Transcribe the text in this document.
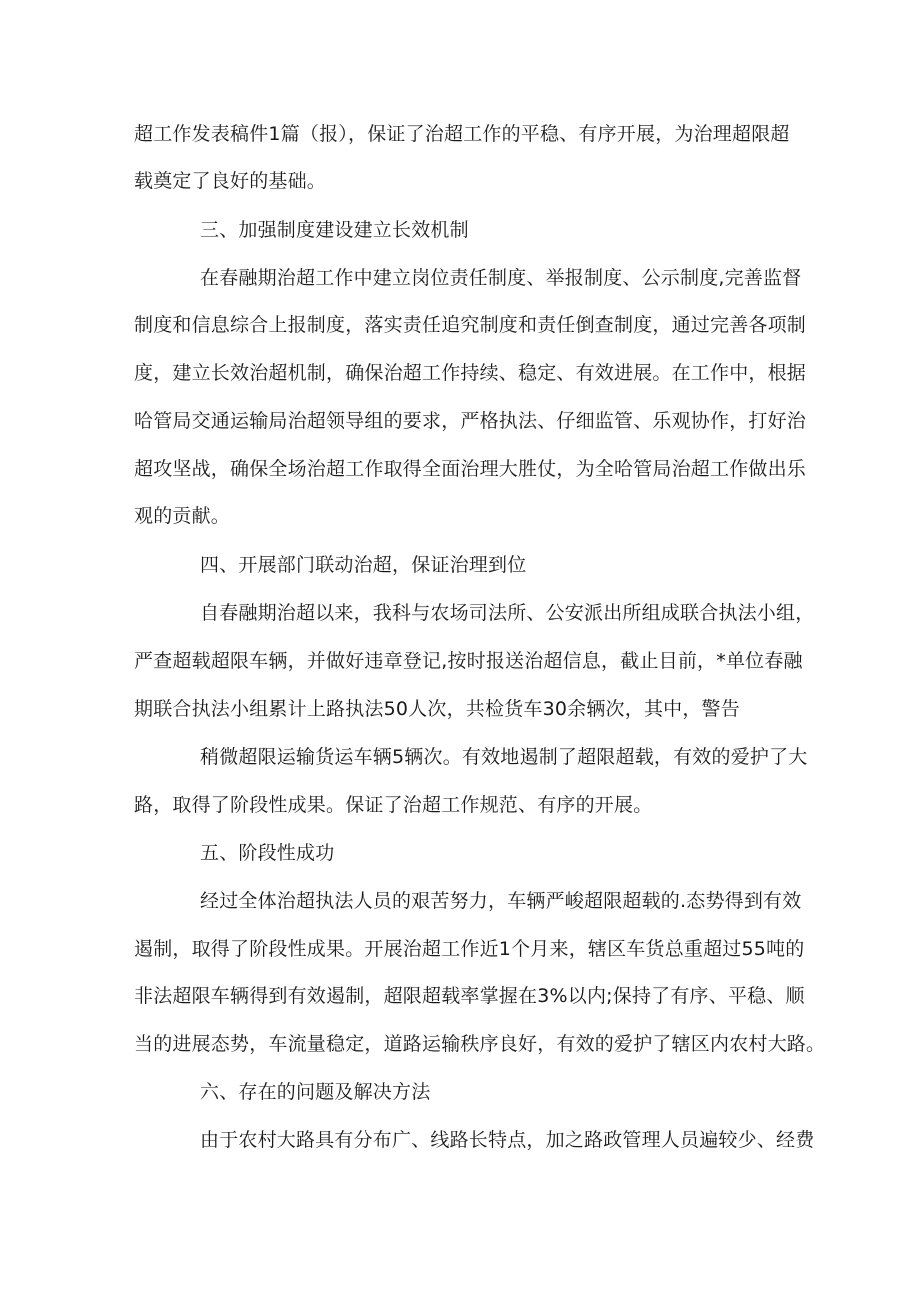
超工作发表稿件1篇（报），保证了治超工作的平稳、有序开展，为治理超限超
载奠定了良好的基础。
三、加强制度建设建立长效机制
在春融期治超工作中建立岗位责任制度、举报制度、公示制度,完善监督
制度和信息综合上报制度，落实责任追究制度和责任倒查制度，通过完善各项制
度，建立长效治超机制，确保治超工作持续、稳定、有效进展。在工作中，根据
哈管局交通运输局治超领导组的要求，严格执法、仔细监管、乐观协作，打好治
超攻坚战，确保全场治超工作取得全面治理大胜仗，为全哈管局治超工作做出乐
观的贡献。
四、开展部门联动治超，保证治理到位
自春融期治超以来，我科与农场司法所、公安派出所组成联合执法小组，
严查超载超限车辆，并做好违章登记,按时报送治超信息，截止目前，*单位春融
期联合执法小组累计上路执法50人次，共检货车30余辆次，其中，警告
稍微超限运输货运车辆5辆次。有效地遏制了超限超载，有效的爱护了大
路，取得了阶段性成果。保证了治超工作规范、有序的开展。
五、阶段性成功
经过全体治超执法人员的艰苦努力，车辆严峻超限超载的.态势得到有效
遏制，取得了阶段性成果。开展治超工作近1个月来，辖区车货总重超过55吨的
非法超限车辆得到有效遏制，超限超载率掌握在3%以内;保持了有序、平稳、顺
当的进展态势，车流量稳定，道路运输秩序良好，有效的爱护了辖区内农村大路。
六、存在的问题及解决方法
由于农村大路具有分布广、线路长特点，加之路政管理人员遍较少、经费
